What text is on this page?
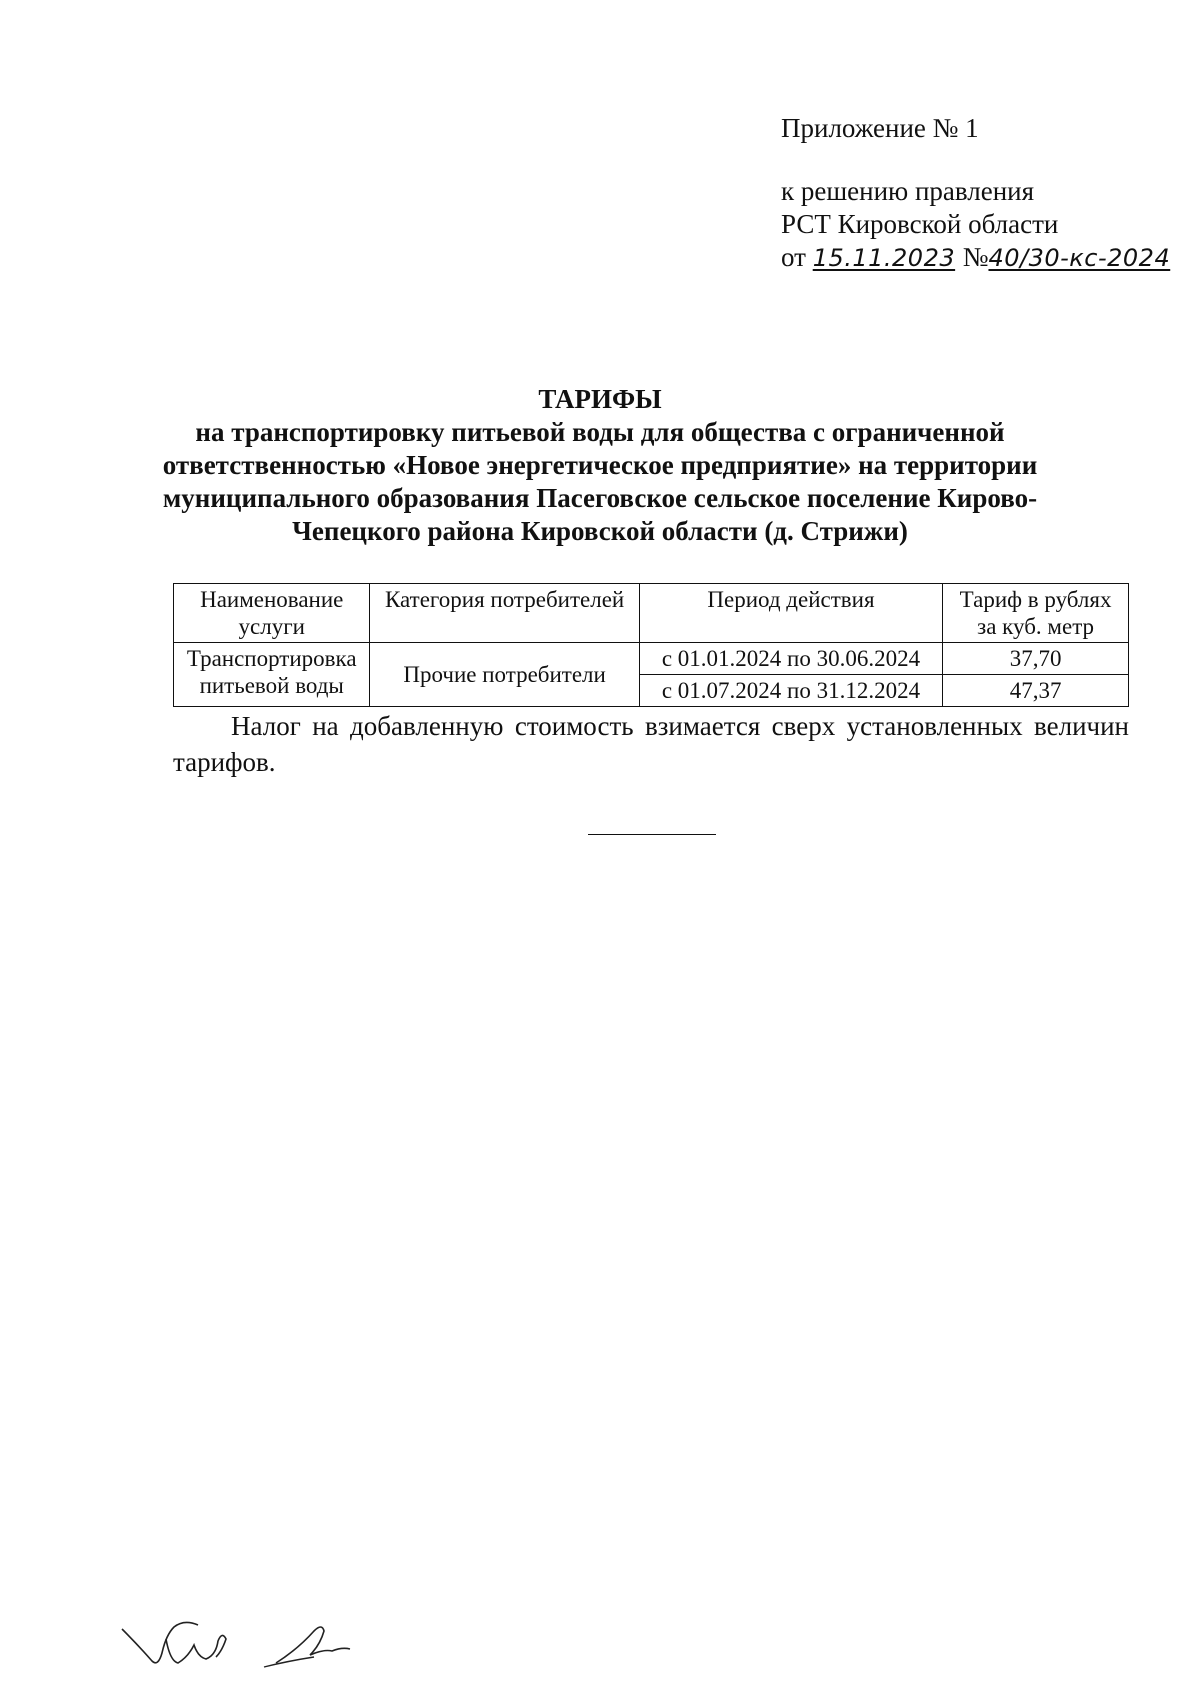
Приложение № 1
к решению правления
РСТ Кировской области
от 15.11.2023 №40/30-кс-2024
ТАРИФЫ
на транспортировку питьевой воды для общества с ограниченной ответственностью «Новое энергетическое предприятие» на территории муниципального образования Пасеговское сельское поселение Кирово-Чепецкого района Кировской области (д. Стрижи)
Наименование услуги	Категория потребителей	Период действия	Тариф в рублях за куб. метр
Транспортировка питьевой воды	Прочие потребители	с 01.01.2024 по 30.06.2024	37,70
		с 01.07.2024 по 31.12.2024	47,37
Налог на добавленную стоимость взимается сверх установленных величин тарифов.
